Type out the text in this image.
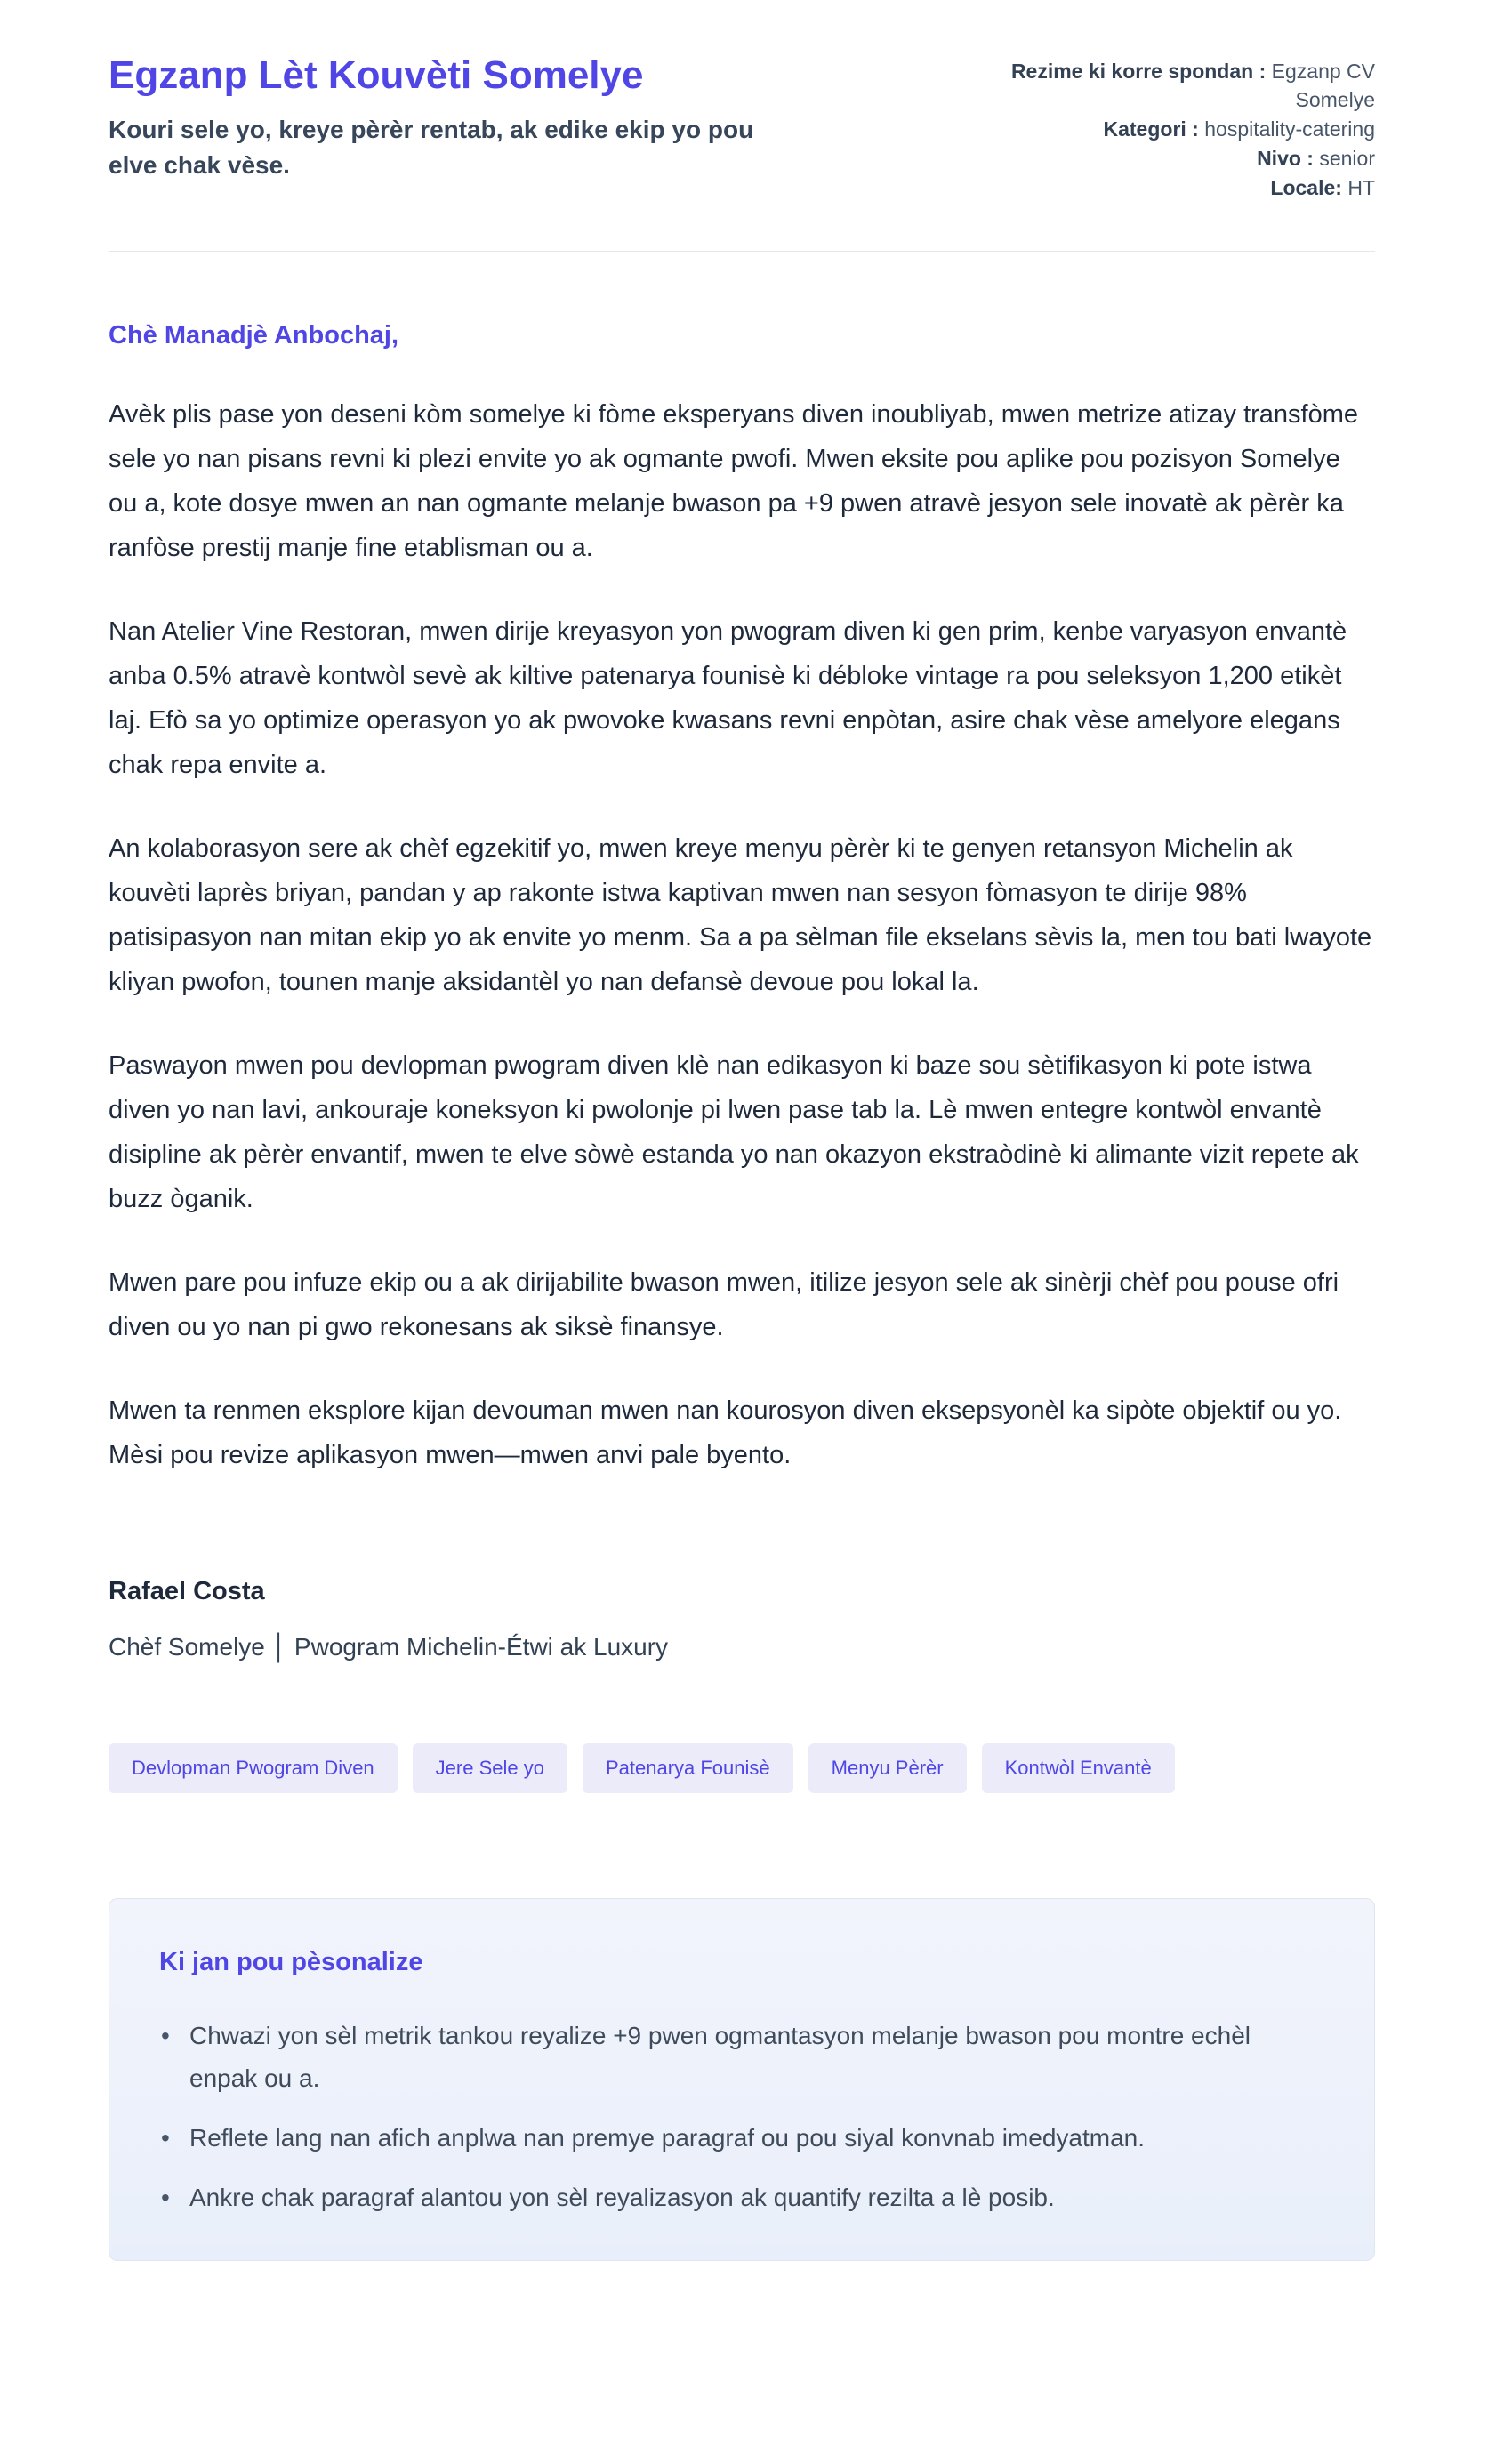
Egzanp Lèt Kouvèti Somelye

Kouri sele yo, kreye pèrèr rentab, ak edike ekip yo pou elve chak vèse.

Rezime ki korre spondan : Egzanp CV Somelye
Kategori : hospitality-catering
Nivo : senior
Locale: HT

Chè Manadjè Anbochaj,

Avèk plis pase yon deseni kòm somelye ki fòme eksperyans diven inoubliyab, mwen metrize atizay transfòme sele yo nan pisans revni ki plezi envite yo ak ogmante pwofi. Mwen eksite pou aplike pou pozisyon Somelye ou a, kote dosye mwen an nan ogmante melanje bwason pa +9 pwen atravè jesyon sele inovatè ak pèrèr ka ranfòse prestij manje fine etablisman ou a.

Nan Atelier Vine Restoran, mwen dirije kreyasyon yon pwogram diven ki gen prim, kenbe varyasyon envantè anba 0.5% atravè kontwòl sevè ak kiltive patenarya founisè ki débloke vintage ra pou seleksyon 1,200 etikèt laj. Efò sa yo optimize operasyon yo ak pwovoke kwasans revni enpòtan, asire chak vèse amelyore elegans chak repa envite a.

An kolaborasyon sere ak chèf egzekitif yo, mwen kreye menyu pèrèr ki te genyen retansyon Michelin ak kouvèti laprès briyan, pandan y ap rakonte istwa kaptivan mwen nan sesyon fòmasyon te dirije 98% patisipasyon nan mitan ekip yo ak envite yo menm. Sa a pa sèlman file ekselans sèvis la, men tou bati lwayote kliyan pwofon, tounen manje aksidantèl yo nan defansè devoue pou lokal la.

Paswayon mwen pou devlopman pwogram diven klè nan edikasyon ki baze sou sètifikasyon ki pote istwa diven yo nan lavi, ankouraje koneksyon ki pwolonje pi lwen pase tab la. Lè mwen entegre kontwòl envantè disipline ak pèrèr envantif, mwen te elve sòwè estanda yo nan okazyon ekstraòdinè ki alimante vizit repete ak buzz òganik.

Mwen pare pou infuze ekip ou a ak dirijabilite bwason mwen, itilize jesyon sele ak sinèrji chèf pou pouse ofri diven ou yo nan pi gwo rekonesans ak siksè finansye.

Mwen ta renmen eksplore kijan devouman mwen nan kourosyon diven eksepsyonèl ka sipòte objektif ou yo. Mèsi pou revize aplikasyon mwen—mwen anvi pale byento.

Rafael Costa

Chèf Somelye │ Pwogram Michelin-Étwi ak Luxury

Devlopman Pwogram Diven	Jere Sele yo	Patenarya Founisè	Menyu Pèrèr	Kontwòl Envantè
Ki jan pou pèsonalize
• Chwazi yon sèl metrik tankou reyalize +9 pwen ogmantasyon melanje bwason pou montre echèl enpak ou a.
• Reflete lang nan afich anplwa nan premye paragraf ou pou siyal konvnab imedyatman.
• Ankre chak paragraf alantou yon sèl reyalizasyon ak quantify rezilta a lè posib.
